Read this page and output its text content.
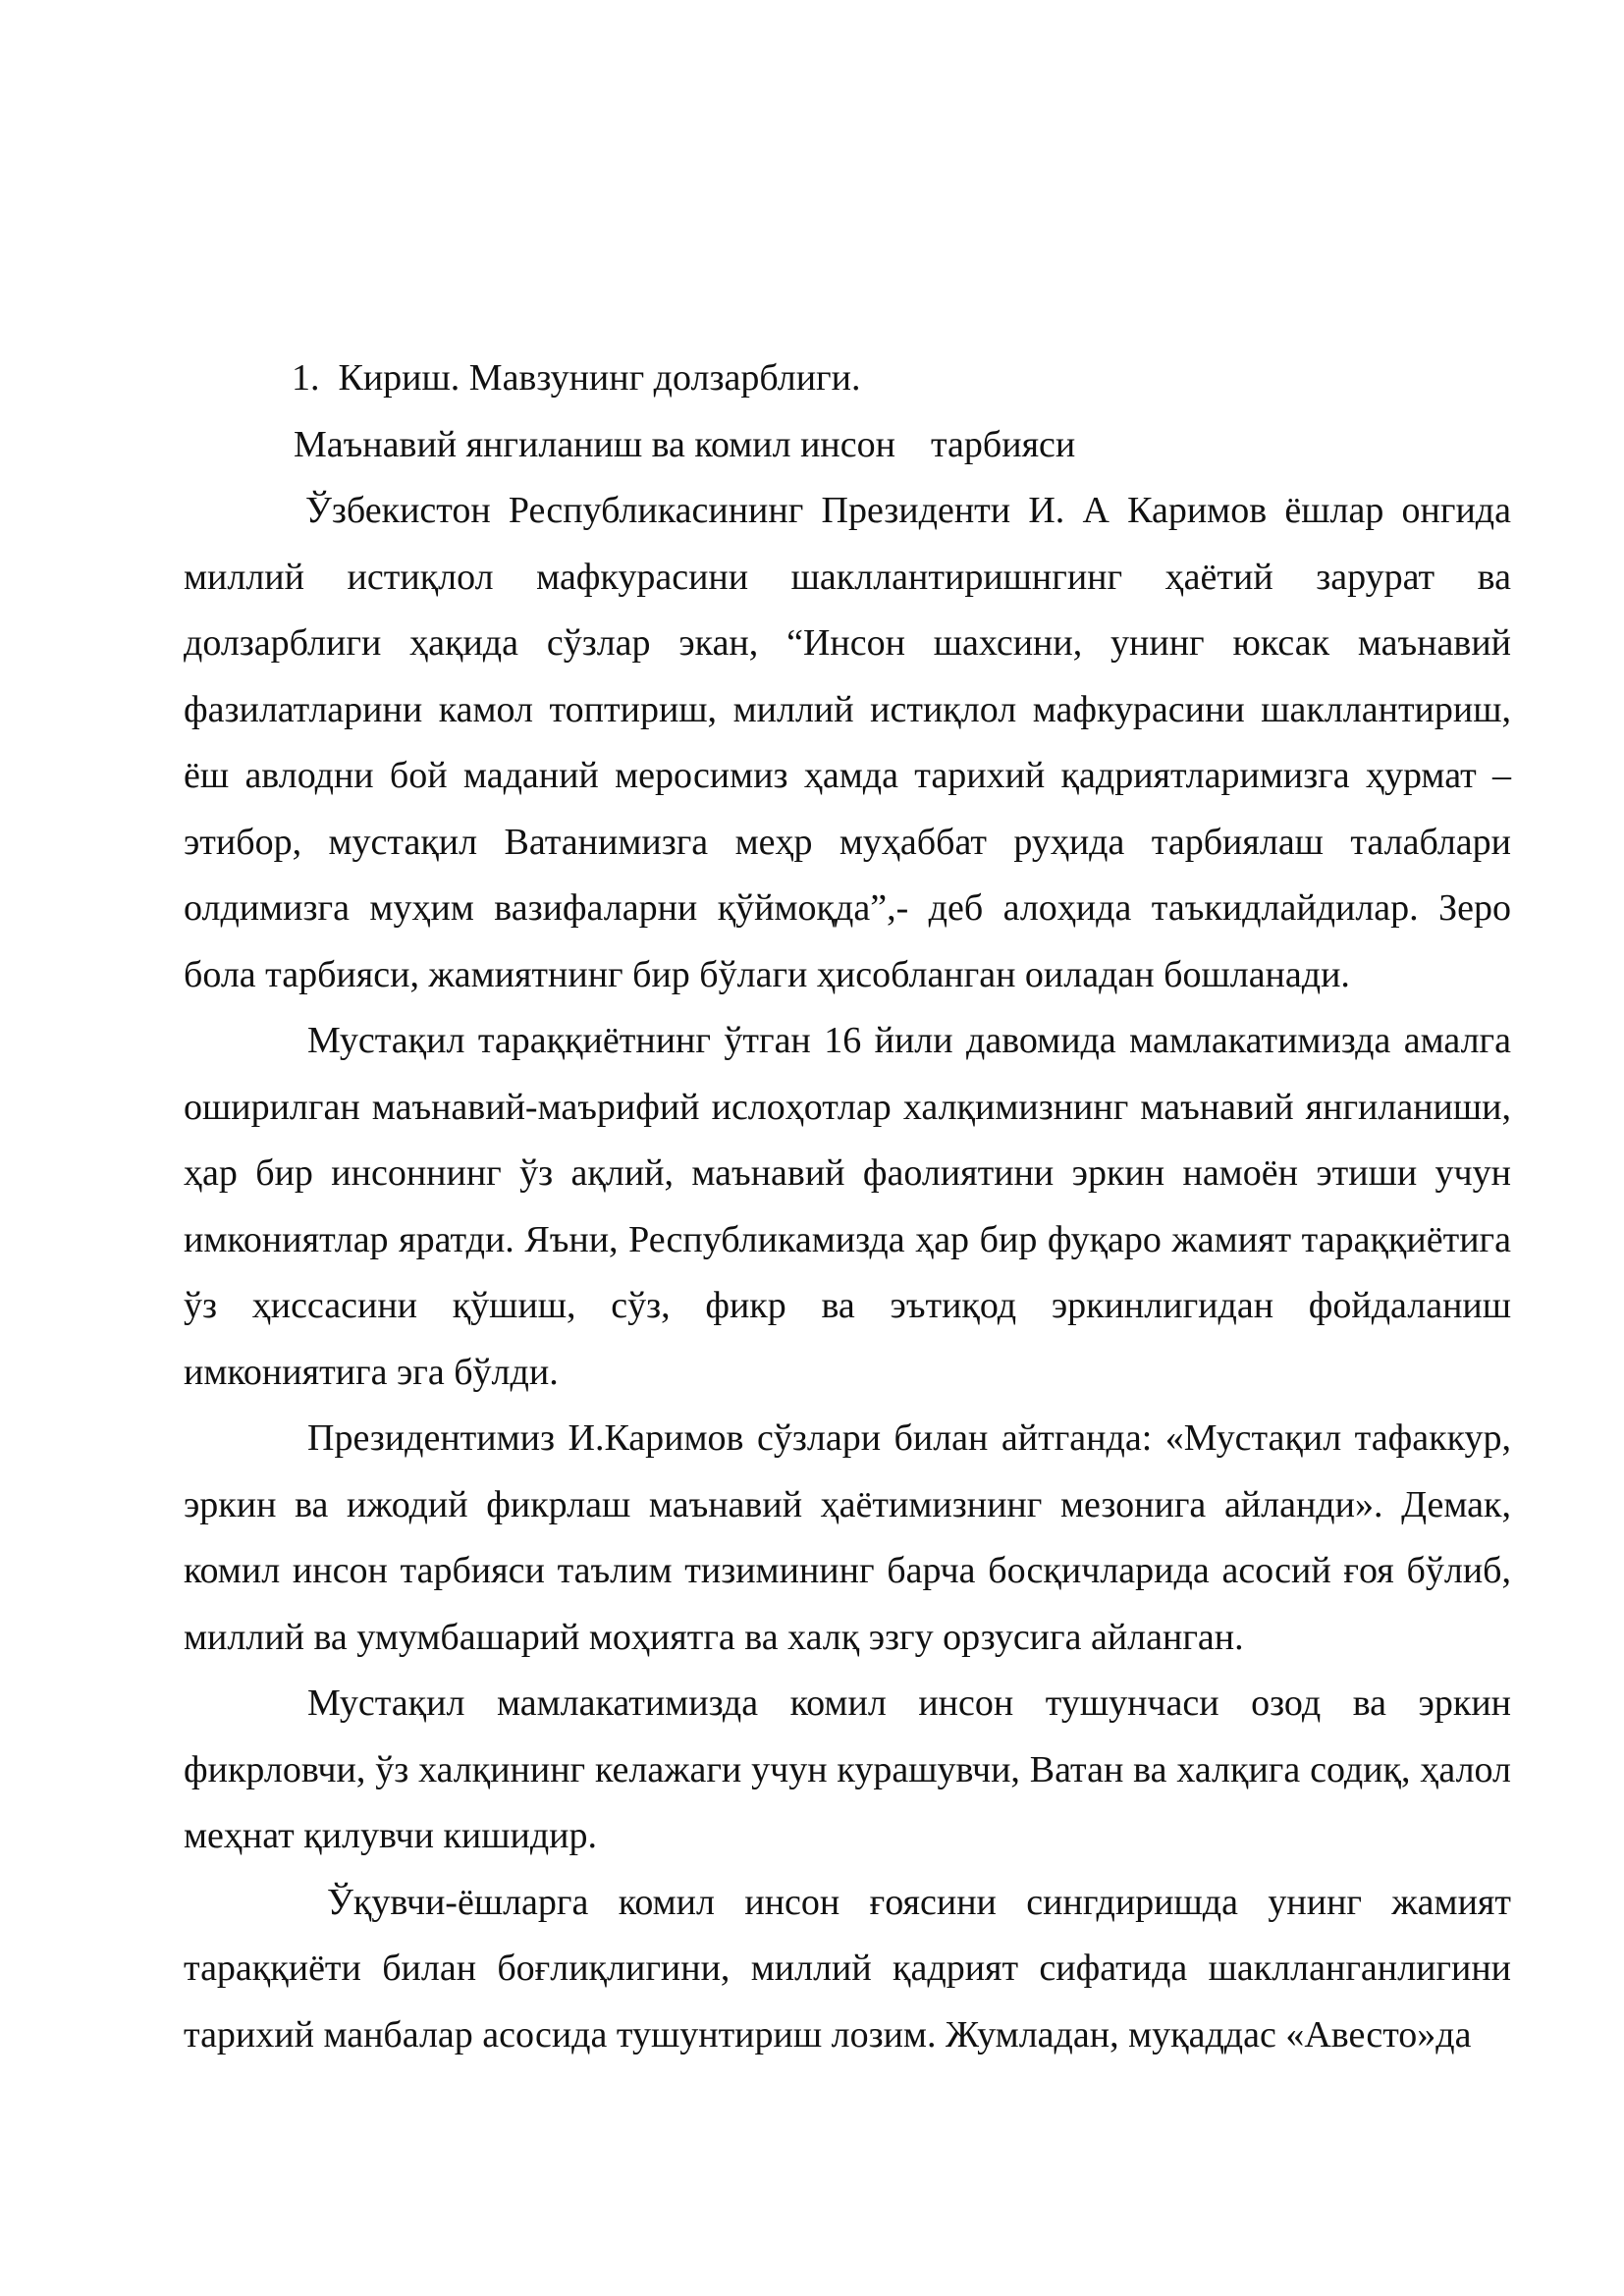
1. Кириш. Мавзунинг долзарблиги.

Маънавий янгиланиш ва комил инсон тарбияси

Ўзбекистон Республикасининг Президенти И. А Каримов ёшлар онгида миллий истиқлол мафкурасини шакллантиришнгинг ҳаётий зарурат ва долзарблиги ҳақида сўзлар экан, “Инсон шахсини, унинг юксак маънавий фазилатларини камол топтириш, миллий истиқлол мафкурасини шакллантириш, ёш авлодни бой маданий меросимиз ҳамда тарихий қадриятларимизга ҳурмат – этибор, мустақил Ватанимизга меҳр муҳаббат руҳида тарбиялаш талаблари олдимизга муҳим вазифаларни қўймоқда”,- деб алоҳида таъкидлайдилар. Зеро бола тарбияси, жамиятнинг бир бўлаги ҳисобланган оиладан бошланади.

Мустақил тараққиётнинг ўтган 16 йили давомида мамлакатимизда амалга оширилган маънавий-маърифий ислоҳотлар халқимизнинг маънавий янгиланиши, ҳар бир инсоннинг ўз ақлий, маънавий фаолиятини эркин намоён этиши учун имкониятлар яратди. Яъни, Республикамизда ҳар бир фуқаро жамият тараққиётига ўз ҳиссасини қўшиш, сўз, фикр ва эътиқод эркинлигидан фойдаланиш имкониятига эга бўлди.

Президентимиз И.Каримов сўзлари билан айтганда: «Мустақил тафаккур, эркин ва ижодий фикрлаш маънавий ҳаётимизнинг мезонига айланди». Демак, комил инсон тарбияси таълим тизимининг барча босқичларида асосий ғоя бўлиб, миллий ва умумбашарий моҳиятга ва халқ эзгу орзусига айланган.

Мустақил мамлакатимизда комил инсон тушунчаси озод ва эркин фикрловчи, ўз халқининг келажаги учун курашувчи, Ватан ва халқига содиқ, ҳалол меҳнат қилувчи кишидир.

Ўқувчи-ёшларга комил инсон ғоясини сингдиришда унинг жамият тараққиёти билан боғлиқлигини, миллий қадрият сифатида шаклланганлигини тарихий манбалар асосида тушунтириш лозим. Жумладан, муқаддас «Авесто»да
